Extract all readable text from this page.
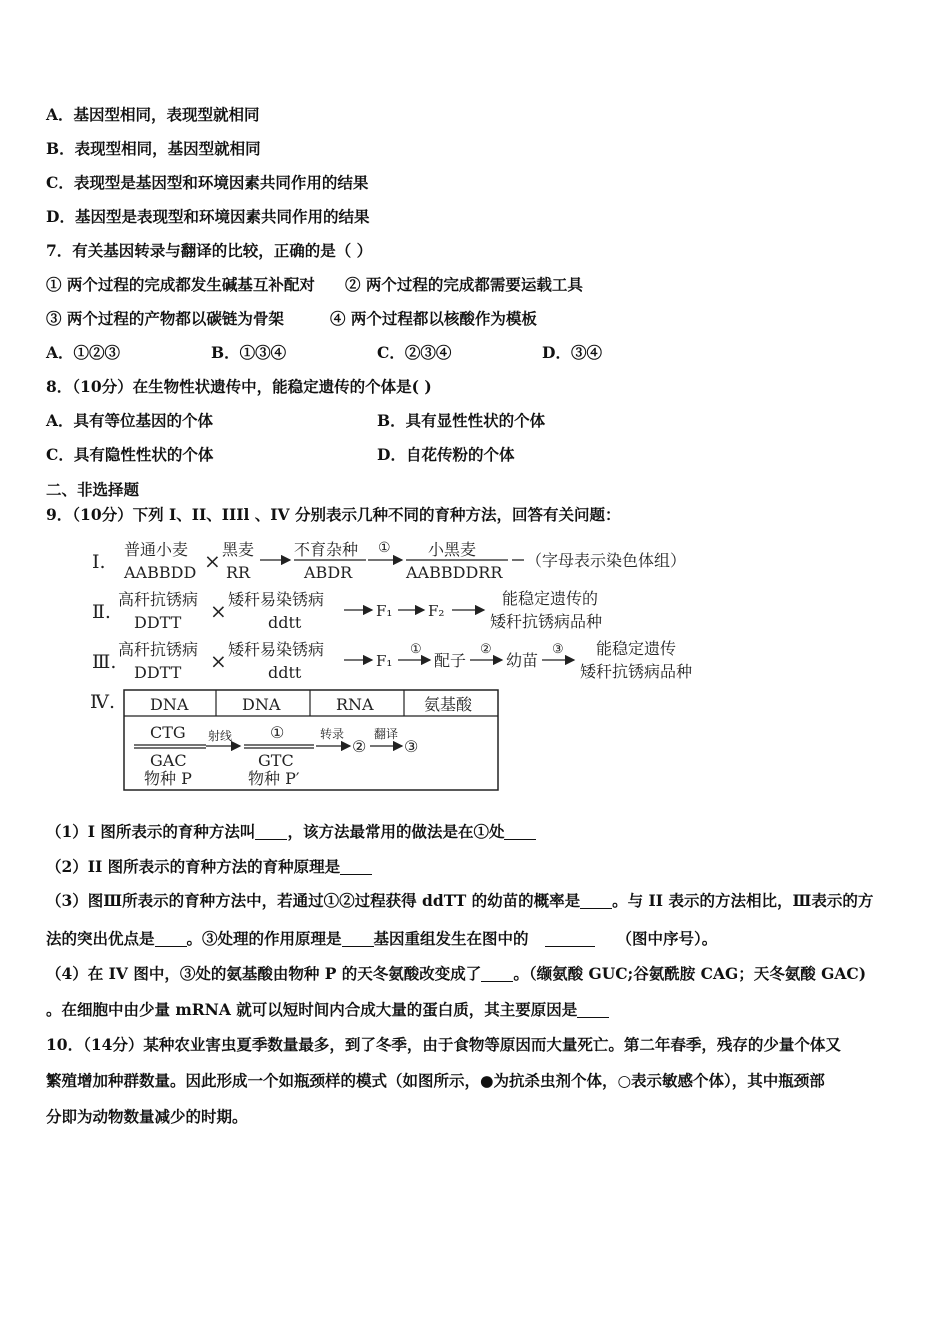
A．基因型相同，表现型就相同
B．表现型相同，基因型就相同
C．表现型是基因型和环境因素共同作用的结果
D．基因型是表现型和环境因素共同作用的结果
7．有关基因转录与翻译的比较，正确的是（ ）
① 两个过程的完成都发生碱基互补配对 ② 两个过程的完成都需要运载工具
③ 两个过程的产物都以碳链为骨架	④ 两个过程都以核酸作为模板
A．①②③	B．①③④	C．②③④	D．③④
8．（10分）在生物性状遗传中，能稳定遗传的个体是( )
A．具有等位基因的个体	B．具有显性性状的个体
C．具有隐性性状的个体	D．自花传粉的个体
二、非选择题
9．（10分）下列 I、II、IIIl 、IV 分别表示几种不同的育种方法，回答有关问题：
Ⅰ.
普通小麦
AABBDD × 黑麦
RR
不育杂种
ABDR
① 小黑麦
AABBDDRR
（字母表示染色体组）
Ⅱ.
高秆抗锈病
DDTT × 矮秆易染锈病
ddtt
F₁ F₂
能稳定遗传的
矮秆抗锈病品种
Ⅲ.
高秆抗锈病
DDTT × 矮秆易染锈病
ddtt
F₁
①
配子
②
幼苗
③ 能稳定遗传
矮秆抗锈病品种
Ⅳ. DNA	DNA	RNA	氨基酸
CTG
GAC
物种 P
射线 ①
GTC
物种 P′
转录
②
翻译
③
（1）I 图所表示的育种方法叫 ，该方法最常用的做法是在①处
（2）II 图所表示的育种方法的育种原理是
（3）图Ⅲ所表示的育种方法中，若通过①②过程获得 ddTT 的幼苗的概率是 。与 II 表示的方法相比，Ⅲ表示的方
法的突出优点是 。③处理的作用原理是 基因重组发生在图中的	（图中序号）。
（4）在 IV 图中，③处的氨基酸由物种 P 的天冬氨酸改变成了 。（缬氨酸 GUC;谷氨酰胺 CAG；天冬氨酸 GAC)
。在细胞中由少量 mRNA 就可以短时间内合成大量的蛋白质，其主要原因是
10．（14分）某种农业害虫夏季数量最多，到了冬季，由于食物等原因而大量死亡。第二年春季，残存的少量个体又
繁殖增加种群数量。因此形成一个如瓶颈样的模式（如图所示，●为抗杀虫剂个体，○表示敏感个体），其中瓶颈部
分即为动物数量减少的时期。
